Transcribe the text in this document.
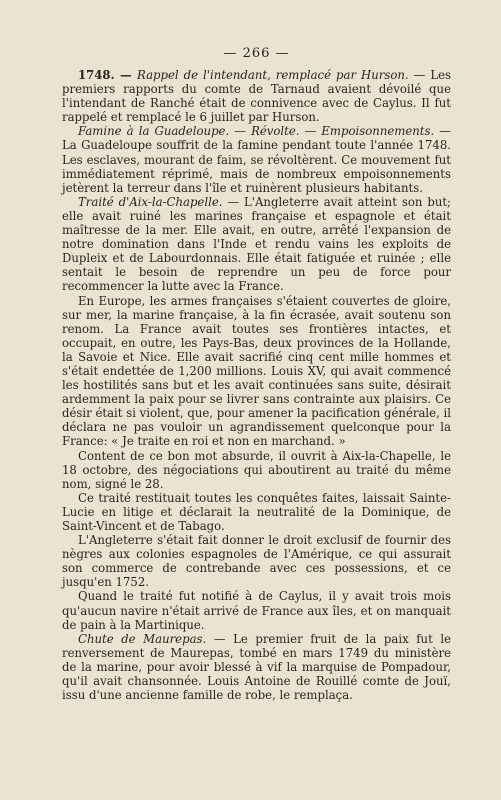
— 266 —

1748. — Rappel de l'intendant, remplacé par Hurson. — Les premiers rapports du comte de Tarnaud avaient dévoilé que l'intendant de Ranché était de connivence avec de Caylus. Il fut rappelé et remplacé le 6 juillet par Hurson.

Famine à la Guadeloupe. — Révolte. — Empoisonnements. — La Guadeloupe souffrit de la famine pendant toute l'année 1748. Les esclaves, mourant de faim, se révoltèrent. Ce mouvement fut immédiatement réprimé, mais de nombreux empoisonnements jetèrent la terreur dans l'île et ruinèrent plusieurs habitants.

Traité d'Aix-la-Chapelle. — L'Angleterre avait atteint son but; elle avait ruiné les marines française et espagnole et était maîtresse de la mer. Elle avait, en outre, arrêté l'expansion de notre domination dans l'Inde et rendu vains les exploits de Dupleix et de Labourdonnais. Elle était fatiguée et ruinée ; elle sentait le besoin de reprendre un peu de force pour recommencer la lutte avec la France.

En Europe, les armes françaises s'étaient couvertes de gloire, sur mer, la marine française, à la fin écrasée, avait soutenu son renom. La France avait toutes ses frontières intactes, et occupait, en outre, les Pays-Bas, deux provinces de la Hollande, la Savoie et Nice. Elle avait sacrifié cinq cent mille hommes et s'était endettée de 1,200 millions. Louis XV, qui avait commencé les hostilités sans but et les avait continuées sans suite, désirait ardemment la paix pour se livrer sans contrainte aux plaisirs. Ce désir était si violent, que, pour amener la pacification générale, il déclara ne pas vouloir un agrandissement quelconque pour la France: « Je traite en roi et non en marchand. »

Content de ce bon mot absurde, il ouvrit à Aix-la-Chapelle, le 18 octobre, des négociations qui aboutirent au traité du même nom, signé le 28.

Ce traité restituait toutes les conquêtes faites, laissait Sainte-Lucie en litige et déclarait la neutralité de la Dominique, de Saint-Vincent et de Tabago.

L'Angleterre s'était fait donner le droit exclusif de fournir des nègres aux colonies espagnoles de l'Amérique, ce qui assurait son commerce de contrebande avec ces possessions, et ce jusqu'en 1752.

Quand le traité fut notifié à de Caylus, il y avait trois mois qu'aucun navire n'était arrivé de France aux îles, et on manquait de pain à la Martinique.

Chute de Maurepas. — Le premier fruit de la paix fut le renversement de Maurepas, tombé en mars 1749 du ministère de la marine, pour avoir blessé à vif la marquise de Pompadour, qu'il avait chansonnée. Louis Antoine de Rouillé comte de Jouï, issu d'une ancienne famille de robe, le remplaça.
